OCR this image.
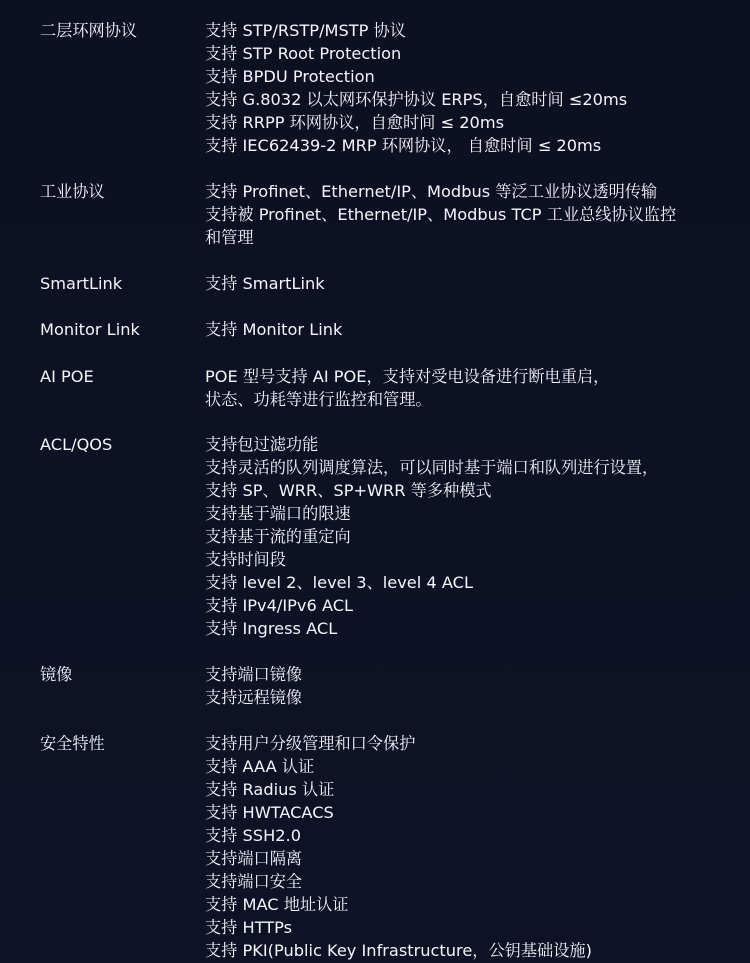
二层环网协议	支持 STP/RSTP/MSTP 协议
支持 STP Root Protection
支持 BPDU Protection
支持 G.8032 以太网环保护协议 ERPS，自愈时间 ≤20ms
支持 RRPP 环网协议，自愈时间 ≤ 20ms
支持 IEC62439-2 MRP 环网协议， 自愈时间 ≤ 20ms
工业协议	支持 Profinet、Ethernet/IP、Modbus 等泛工业协议透明传输
支持被 Profinet、Ethernet/IP、Modbus TCP 工业总线协议监控
和管理
SmartLink	支持 SmartLink
Monitor Link	支持 Monitor Link
AI POE	POE 型号支持 AI POE，支持对受电设备进行断电重启，
状态、功耗等进行监控和管理。
ACL/QOS	支持包过滤功能
支持灵活的队列调度算法，可以同时基于端口和队列进行设置，
支持 SP、WRR、SP+WRR 等多种模式
支持基于端口的限速
支持基于流的重定向
支持时间段
支持 level 2、level 3、level 4 ACL
支持 IPv4/IPv6 ACL
支持 Ingress ACL
镜像	支持端口镜像
支持远程镜像
安全特性	支持用户分级管理和口令保护
支持 AAA 认证
支持 Radius 认证
支持 HWTACACS
支持 SSH2.0
支持端口隔离
支持端口安全
支持 MAC 地址认证
支持 HTTPs
支持 PKI(Public Key Infrastructure，公钥基础设施)
